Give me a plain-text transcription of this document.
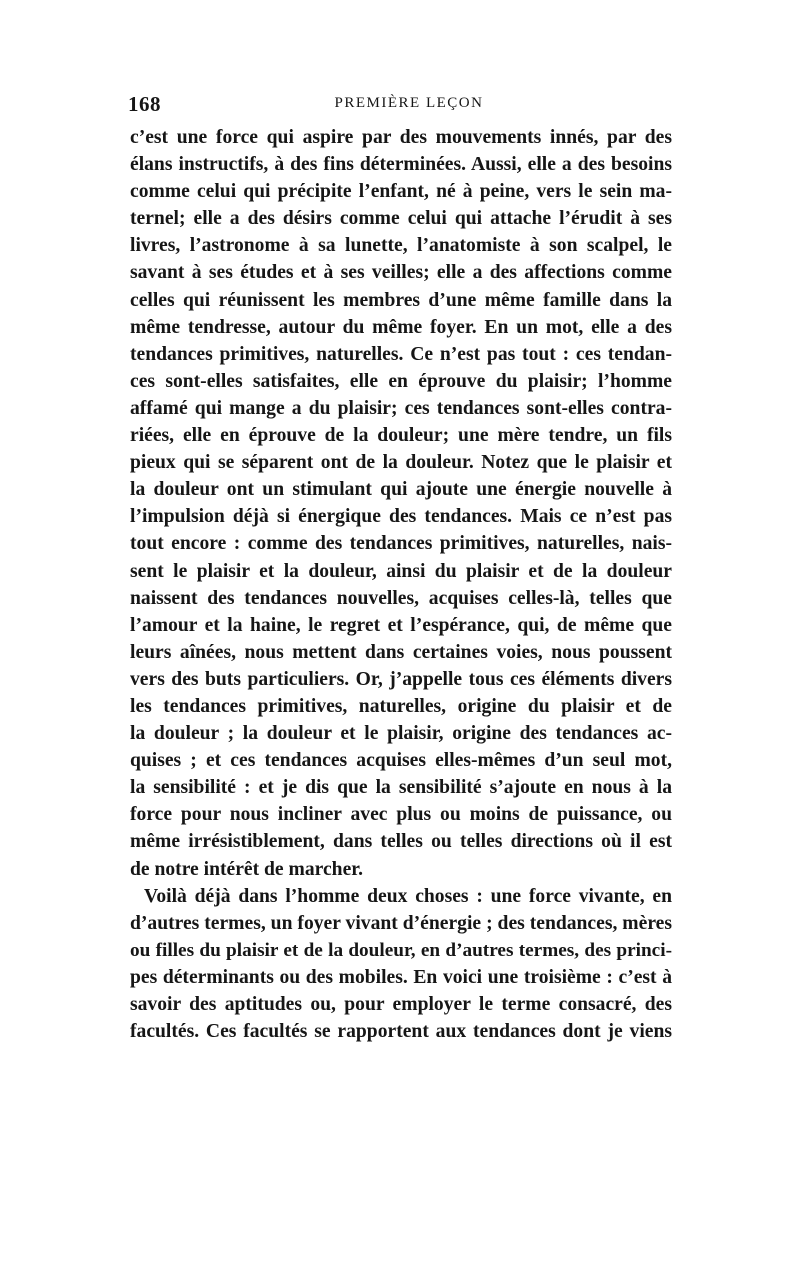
168	PREMIÈRE LEÇON
c’est une force qui aspire par des mouvements innés, par des
élans instructifs, à des fins déterminées. Aussi, elle a des besoins
comme celui qui précipite l’enfant, né à peine, vers le sein ma-
ternel; elle a des désirs comme celui qui attache l’érudit à ses
livres, l’astronome à sa lunette, l’anatomiste à son scalpel, le
savant à ses études et à ses veilles; elle a des affections comme
celles qui réunissent les membres d’une même famille dans la
même tendresse, autour du même foyer. En un mot, elle a des
tendances primitives, naturelles. Ce n’est pas tout : ces tendan-
ces sont-elles satisfaites, elle en éprouve du plaisir; l’homme
affamé qui mange a du plaisir; ces tendances sont-elles contra-
riées, elle en éprouve de la douleur; une mère tendre, un fils
pieux qui se séparent ont de la douleur. Notez que le plaisir et
la douleur ont un stimulant qui ajoute une énergie nouvelle à
l’impulsion déjà si énergique des tendances. Mais ce n’est pas
tout encore : comme des tendances primitives, naturelles, nais-
sent le plaisir et la douleur, ainsi du plaisir et de la douleur
naissent des tendances nouvelles, acquises celles-là, telles que
l’amour et la haine, le regret et l’espérance, qui, de même que
leurs aînées, nous mettent dans certaines voies, nous poussent
vers des buts particuliers. Or, j’appelle tous ces éléments divers
les tendances primitives, naturelles, origine du plaisir et de
la douleur ; la douleur et le plaisir, origine des tendances ac-
quises ; et ces tendances acquises elles-mêmes d’un seul mot,
la sensibilité : et je dis que la sensibilité s’ajoute en nous à la
force pour nous incliner avec plus ou moins de puissance, ou
même irrésistiblement, dans telles ou telles directions où il est
de notre intérêt de marcher.
Voilà déjà dans l’homme deux choses : une force vivante, en
d’autres termes, un foyer vivant d’énergie ; des tendances, mères
ou filles du plaisir et de la douleur, en d’autres termes, des princi-
pes déterminants ou des mobiles. En voici une troisième : c’est à
savoir des aptitudes ou, pour employer le terme consacré, des
facultés. Ces facultés se rapportent aux tendances dont je viens
